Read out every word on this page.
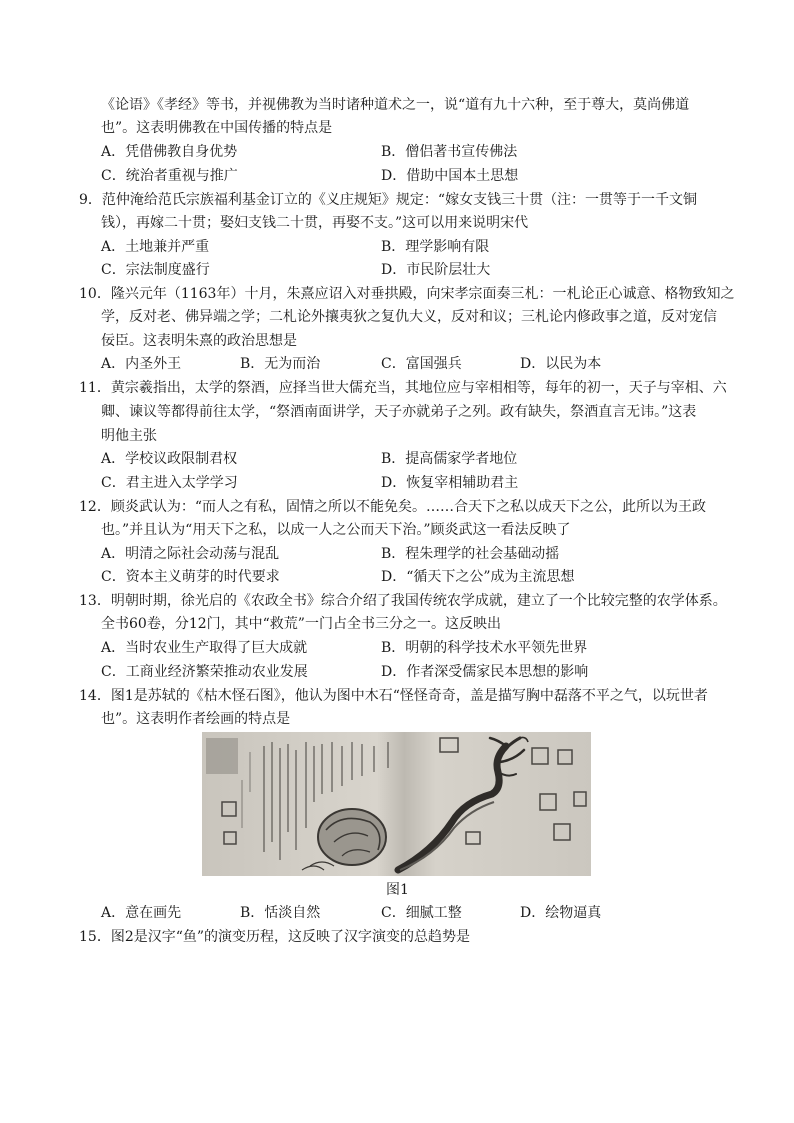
《论语》《孝经》等书，并视佛教为当时诸种道术之一，说“道有九十六种，至于尊大，莫尚佛道
也”。这表明佛教在中国传播的特点是
A．凭借佛教自身优势	B．僧侣著书宣传佛法
C．统治者重视与推广	D．借助中国本土思想
9．范仲淹给范氏宗族福利基金订立的《义庄规矩》规定：“嫁女支钱三十贯（注：一贯等于一千文铜
钱），再嫁二十贯；娶妇支钱二十贯，再娶不支。”这可以用来说明宋代
A．土地兼并严重	B．理学影响有限
C．宗法制度盛行	D．市民阶层壮大
10．隆兴元年（1163年）十月，朱熹应诏入对垂拱殿，向宋孝宗面奏三札：一札论正心诚意、格物致知之
学，反对老、佛异端之学；二札论外攘夷狄之复仇大义，反对和议；三札论内修政事之道，反对宠信
佞臣。这表明朱熹的政治思想是
A．内圣外王	B．无为而治	C．富国强兵	D．以民为本
11．黄宗羲指出，太学的祭酒，应择当世大儒充当，其地位应与宰相相等，每年的初一，天子与宰相、六
卿、谏议等都得前往太学，“祭酒南面讲学，天子亦就弟子之列。政有缺失，祭酒直言无讳。”这表
明他主张
A．学校议政限制君权	B．提高儒家学者地位
C．君主进入太学学习	D．恢复宰相辅助君主
12．顾炎武认为：“而人之有私，固情之所以不能免矣。……合天下之私以成天下之公，此所以为王政
也。”并且认为“用天下之私，以成一人之公而天下治。”顾炎武这一看法反映了
A．明清之际社会动荡与混乱	B．程朱理学的社会基础动摇
C．资本主义萌芽的时代要求	D．“循天下之公”成为主流思想
13．明朝时期，徐光启的《农政全书》综合介绍了我国传统农学成就，建立了一个比较完整的农学体系。
全书60卷，分12门，其中“救荒”一门占全书三分之一。这反映出
A．当时农业生产取得了巨大成就	B．明朝的科学技术水平领先世界
C．工商业经济繁荣推动农业发展	D．作者深受儒家民本思想的影响
14．图1是苏轼的《枯木怪石图》，他认为图中木石“怪怪奇奇，盖是描写胸中磊落不平之气，以玩世者
也”。这表明作者绘画的特点是
图1
A．意在画先	B．恬淡自然	C．细腻工整	D．绘物逼真
15．图2是汉字“鱼”的演变历程，这反映了汉字演变的总趋势是
